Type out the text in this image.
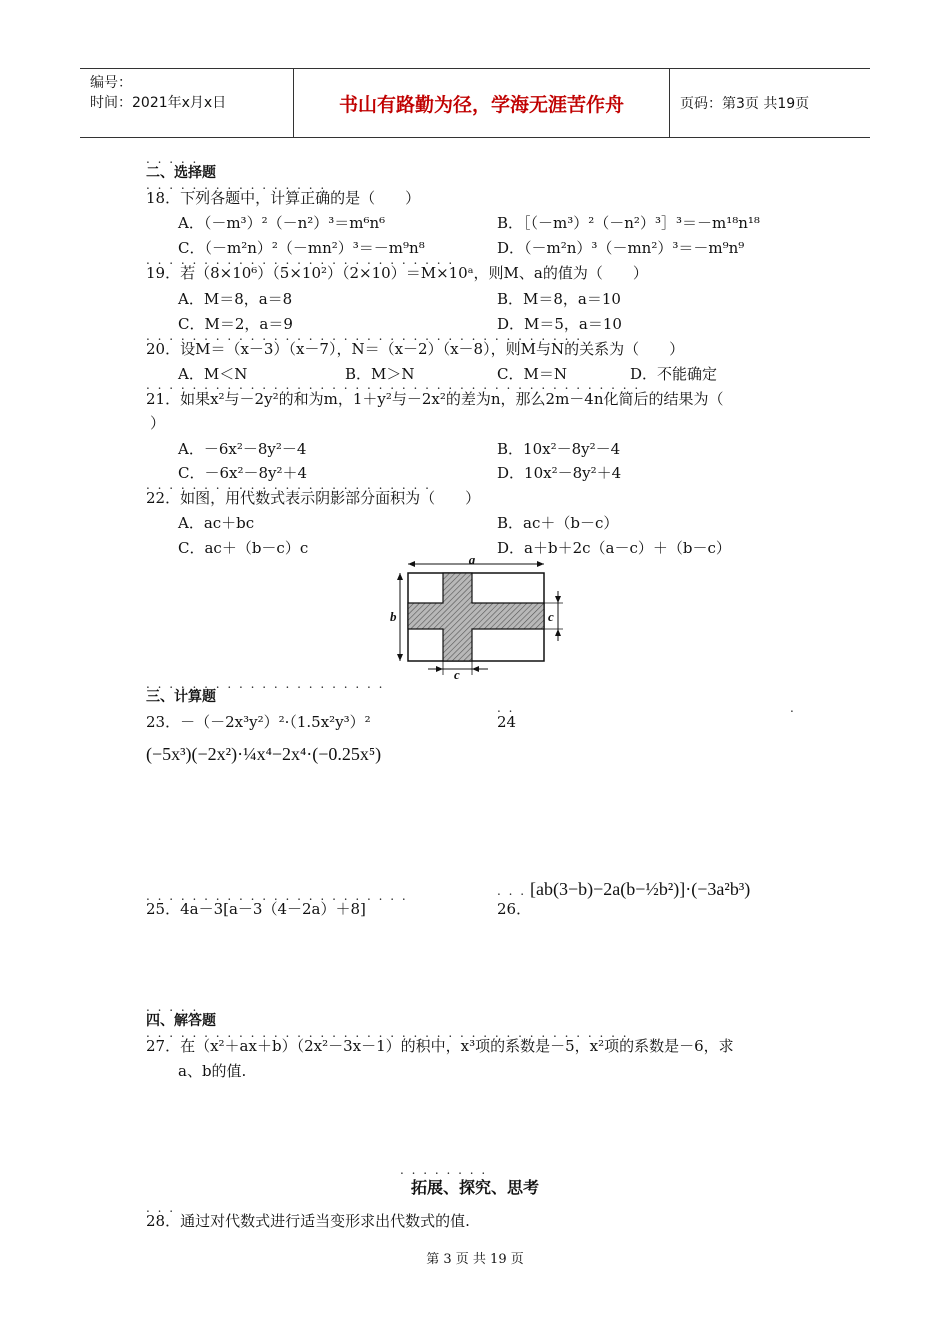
编号：
时间：2021年x月x日	书山有路勤为径，学海无涯苦作舟	页码：第3页 共19页
. . . . .
二、选择题
. . . . . . . . . . . . . . . .
18．下列各题中，计算正确的是（　　）
A．（－m³）²（－n²）³＝m⁶n⁶	B．［（－m³）²（－n²）³］³＝－m¹⁸n¹⁸
C．（－m²n）²（－mn²）³＝－m⁹n⁸	D．（－m²n）³（－mn²）³＝－m⁹n⁹
. . . . . . . . . . . . . . . . . . . . . . . . . . .
19．若（8×10⁶）（5×10²）（2×10）＝M×10ᵃ，则M、a的值为（　　）
A．M＝8，a＝8	B．M＝8，a＝10
C．M＝2，a＝9	D．M＝5，a＝10
. . . . . . . . . . . . . . . . . . . . . . . . . . . . . . . . . . . . . .
20．设M＝（x－3）（x－7），N＝（x－2）（x－8），则M与N的关系为（　　）
A．M＜N	B．M＞N	C．M＝N	D．不能确定
. . . . . . . . . . . . . . . . . . . . . . . . . . . . . . . . . . . . . . . . . . .
21．如果x²与－2y²的和为m，1＋y²与－2x²的差为n，那么2m－4n化简后的结果为（
）
A．－6x²－8y²－4	B．10x²－8y²－4
C．－6x²－8y²＋4	D．10x²－8y²＋4
. . . . . . . . . . . . . . . . . . . . . . . . .
22．如图，用代数式表示阴影部分面积为（　　）
A．ac＋bc	B．ac＋（b－c）
C．ac＋（b－c）c	D．a＋b＋2c（a－c）＋（b－c）
a
b	c
c
. . . . . . . . . . . . . . . . . . . . .
三、计算题
23．－（－2x³y²）²·（1.5x²y³）²
. .
24
.
(−5x³)(−2x²)·¼x⁴−2x⁴·(−0.25x⁵)
. . . . . . . . . . . . . . . . . . . . . . .
25．4a－3[a－3（4－2a）＋8]
. . .
26．
[ab(3−b)−2a(b−½b²)]·(−3a²b³)
. . . . .
四、解答题
. . . . . . . . . . . . . . . . . . . . . . . . . . . . . . . . . . . . . . . . . .
27．在（x²＋ax＋b）（2x²－3x－1）的积中，x³项的系数是－5，x²项的系数是－6，求
a、b的值.
. . . . . . . .
拓展、探究、思考
. . .
28．通过对代数式进行适当变形求出代数式的值.
第 3 页 共 19 页
